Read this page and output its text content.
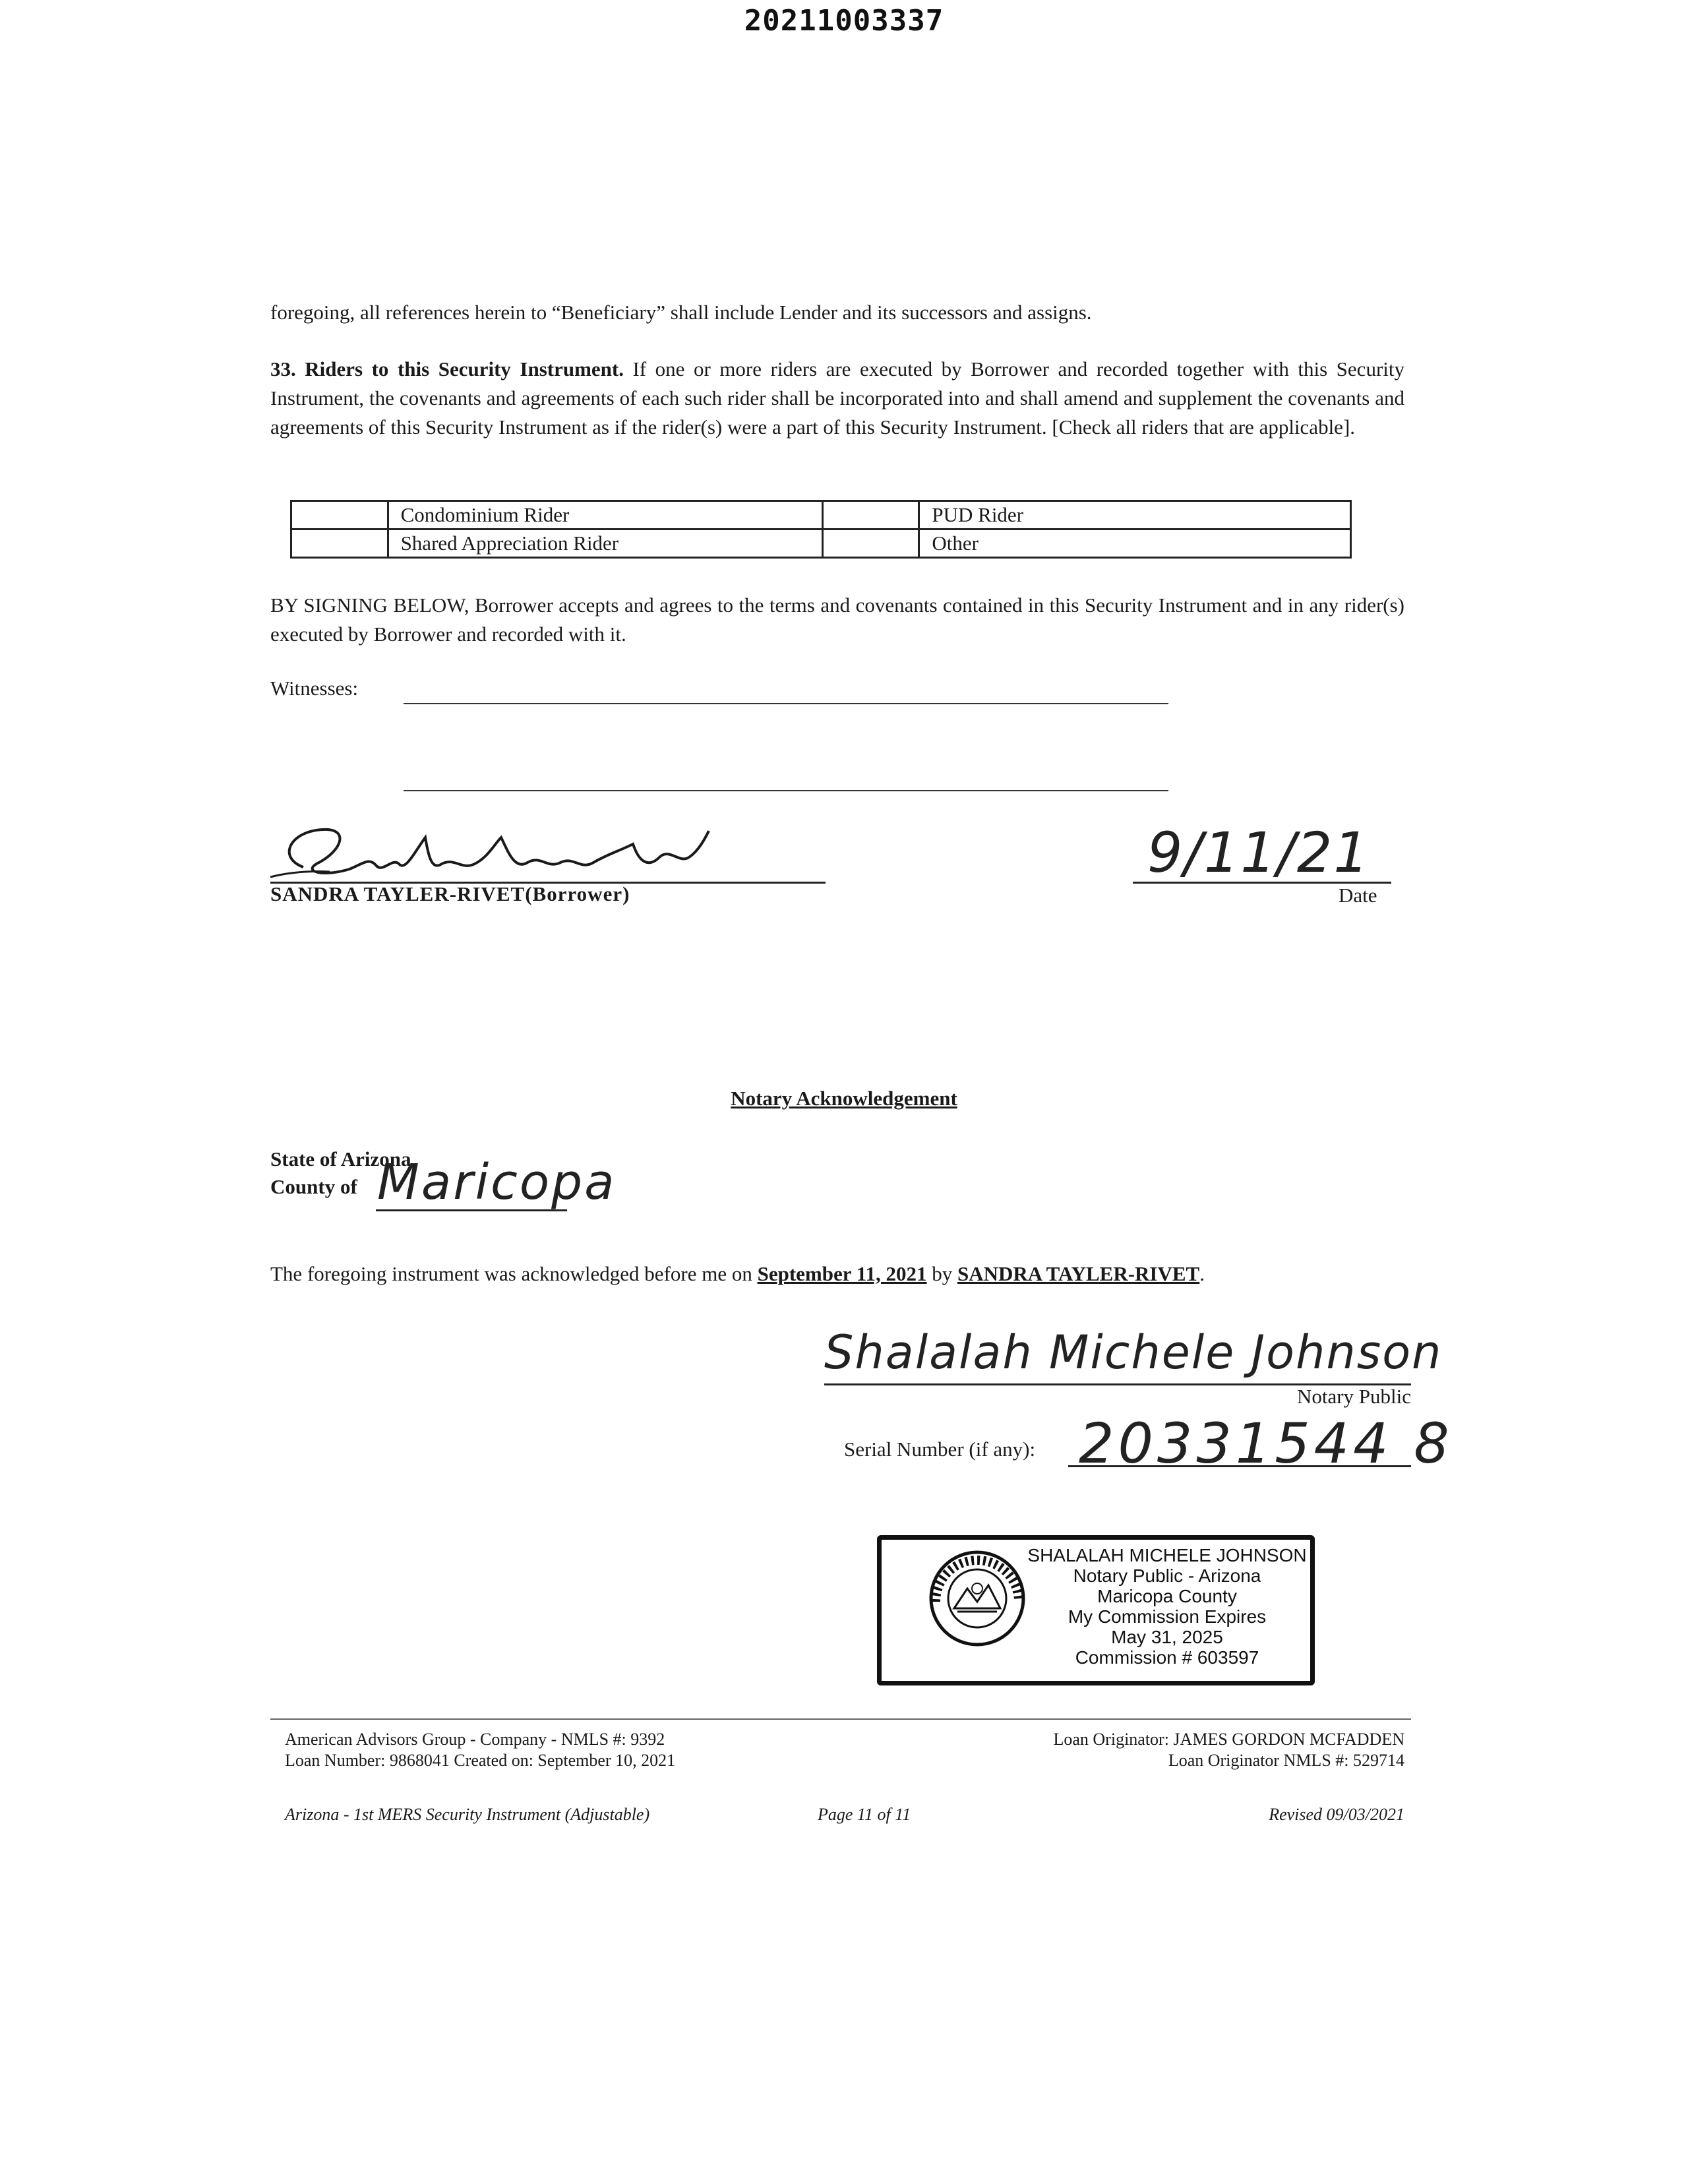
20211003337
foregoing, all references herein to “Beneficiary” shall include Lender and its successors and assigns.
33. Riders to this Security Instrument. If one or more riders are executed by Borrower and recorded together with this Security Instrument, the covenants and agreements of each such rider shall be incorporated into and shall amend and supplement the covenants and agreements of this Security Instrument as if the rider(s) were a part of this Security Instrument. [Check all riders that are applicable].
	Condominium Rider		PUD Rider
	Shared Appreciation Rider		Other
BY SIGNING BELOW, Borrower accepts and agrees to the terms and covenants contained in this Security Instrument and in any rider(s) executed by Borrower and recorded with it.
Witnesses:
SANDRA TAYLER-RIVET(Borrower)
9/11/21
Date
Notary Acknowledgement
State of Arizona
County of Maricopa
The foregoing instrument was acknowledged before me on September 11, 2021 by SANDRA TAYLER-RIVET.
Shalalah Michele Johnson
Notary Public
Serial Number (if any): 20331544 8
SHALALAH MICHELE JOHNSON
Notary Public - Arizona
Maricopa County
My Commission Expires
May 31, 2025
Commission # 603597
American Advisors Group - Company - NMLS #: 9392
Loan Number: 9868041 Created on: September 10, 2021
Loan Originator: JAMES GORDON MCFADDEN
Loan Originator NMLS #: 529714
Arizona - 1st MERS Security Instrument (Adjustable)	Page 11 of 11	Revised 09/03/2021
